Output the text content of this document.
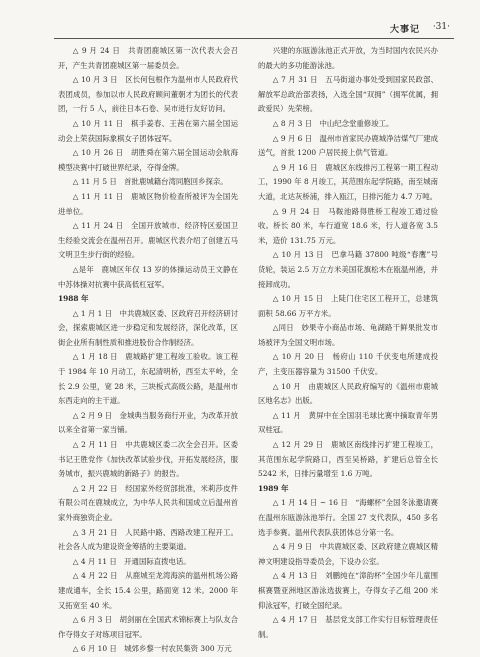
大事记 ·31·

△ 9 月 24 日　共青团鹿城区第一次代表大会召开，产生共青团鹿城区第一届委员会。

△ 10 月 3 日　区长何包根作为温州市人民政府代表团成员，参加以市人民政府顾问董朝才为团长的代表团，一行 5 人，前往日本石卷、吴市进行友好访问。

△ 10 月 11 日　棋手姜春、王茜在第六届全国运动会上荣获国际象棋女子团体冠军。

△ 10 月 26 日　胡胜舜在第六届全国运动会航海模型决赛中打破世界纪录，夺得金牌。

△ 11 月 5 日　首批鹿城籍台湾同胞回乡探亲。

△ 11 月 11 日　鹿城区物价检查所被评为全国先进单位。

△ 11 月 24 日　全国开放城市、经济特区爱国卫生经验交流会在温州召开。鹿城区代表介绍了创建五马文明卫生步行街的经验。

△是年　鹿城区年仅 13 岁的体操运动员王文静在中苏体操对抗赛中获高低杠冠军。

1988 年

△ 1 月 1 日　中共鹿城区委、区政府召开经济研讨会，探索鹿城区进一步稳定和发展经济，深化改革，区街企业所有制性质和推进股份合作制经济。

△ 1 月 18 日　鹿城路扩建工程竣工验收。该工程于 1984 年 10 月动工，东起清明桥，西至太平岭，全长 2.9 公里，宽 28 米，三块板式高级公路，是温州市东西走向的主干道。

△ 2 月 9 日　金城典当服务商行开业，为改革开放以来全省第一家当铺。

△ 2 月 11 日　中共鹿城区委二次全会召开。区委书记王胜党作《加快改革试验步伐，开拓发展经济，服务城市，振兴鹿城的新路子》的报告。

△ 2 月 22 日　经国家外经贸部批准，米莉莎皮件有限公司在鹿城成立，为中华人民共和国成立后温州首家外商独资企业。

△ 3 月 21 日　人民路中路、西路改建工程开工。社会各人成为建设资金筹措的主要渠道。

△ 4 月 11 日　开通国际直拨电话。

△ 4 月 22 日　从鹿城至龙湾海滨的温州机场公路建成通车，全长 15.4 公里，路面宽 12 米。2000 年又拓宽至 40 米。

△ 6 月 3 日　胡剑丽在全国武术锦标赛上与队友合作夺得女子对练项目冠军。

△ 6 月 10 日　城郊乡黎一村农民集资 300 万元

兴建的东瓯游泳池正式开放，为当时国内农民兴办的最大的多功能游泳池。

△ 7 月 31 日　五马街道办事处受到国家民政部、解放军总政治部表扬，入选全国“双拥”（拥军优属，拥政爱民）先荣榜。

△ 8 月 3 日　中山纪念堂重修竣工。

△ 9 月 6 日　温州市首家民办鹿城净洁煤气厂建成送气，首批 1200 户居民接上供气管道。

△ 9 月 16 日　鹿城区东线排污工程第一期工程动工，1990 年 8 月竣工，其范围东起学院路，南至城南大道，北达灰桥浦，排入瓯江，日排污能力 4.7 万吨。

△ 9 月 24 日　马鞍池路得胜桥工程竣工通过验收。桥长 80 米，车行道宽 18.6 米，行人道各宽 3.5 米，造价 131.75 万元。

△ 10 月 13 日　巴拿马籍 37800 吨级“春鹰”号货轮，装运 2.5 万立方米美国花旗松木在瓯温州港，并接卸成功。

△ 10 月 15 日　上陡门住宅区工程开工，总建筑面积 58.66 万平方米。

△同日　妙果寺小商品市场、龟湖路干鲜果批发市场被评为全国文明市场。

△ 10 月 20 日　杨府山 110 千伏变电所建成投产，主变压器容量为 31500 千伏安。

△ 10 月　由鹿城区人民政府编写的《温州市鹿城区地名志》出版。

△ 11 月　黄屏中在全国羽毛球比赛中摘取青年男双桂冠。

△ 12 月 29 日　鹿城区南线排污扩建工程竣工，其范围东起学院路口，西至吴桥路，扩建后总管全长 5242 米，日排污量增至 1.6 万吨。

1989 年

△ 1 月 14 日 ~ 16 日　“海螺杯”全国冬泳邀请赛在温州东瓯游泳池举行。全国 27 支代表队，450 多名选手参赛。温州代表队获团体总分第一名。

△ 4 月 9 日　中共鹿城区委、区政府建立鹿城区精神文明建设指导委员会，下设办公室。

△ 4 月 13 日　刘鹏纯在“漳韵杯”全国少年儿童围棋赛暨亚洲地区游泳选拔赛上，夺得女子乙组 200 米仰泳冠军，打破全国纪录。

△ 4 月 17 日　基层党支部工作实行目标管理责任制。
